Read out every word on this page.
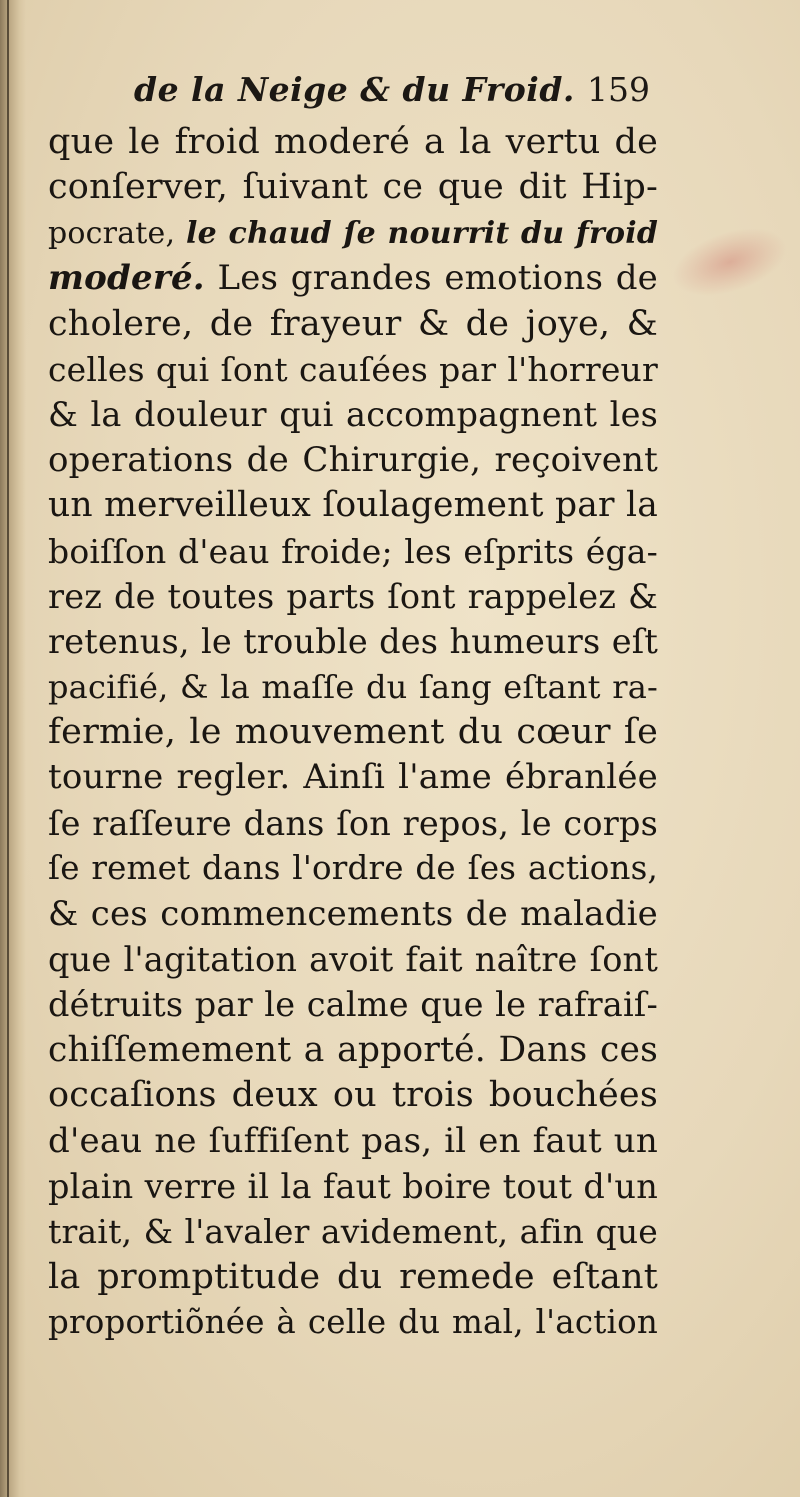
de la Neige & du Froid. 159
que le froid moderé a la vertu de
conſerver, ſuivant ce que dit Hip-
pocrate, le chaud ſe nourrit du froid
moderé. Les grandes emotions de
cholere, de frayeur & de joye, &
celles qui ſont cauſées par l'horreur
& la douleur qui accompagnent les
operations de Chirurgie, reçoivent
un merveilleux ſoulagement par la
boiſſon d'eau froide; les eſprits éga-
rez de toutes parts ſont rappelez &
retenus, le trouble des humeurs eſt
pacifié, & la maſſe du ſang eſtant ra-
fermie, le mouvement du cœur ſe
tourne regler. Ainſi l'ame ébranlée
ſe raſſeure dans ſon repos, le corps
ſe remet dans l'ordre de ſes actions,
& ces commencements de maladie
que l'agitation avoit fait naître ſont
détruits par le calme que le rafraiſ-
chiſſemement a apporté. Dans ces
occaſions deux ou trois bouchées
d'eau ne ſuffiſent pas, il en faut un
plain verre il la faut boire tout d'un
trait, & l'avaler avidement, afin que
la promptitude du remede eſtant
proportiõnée à celle du mal, l'action
